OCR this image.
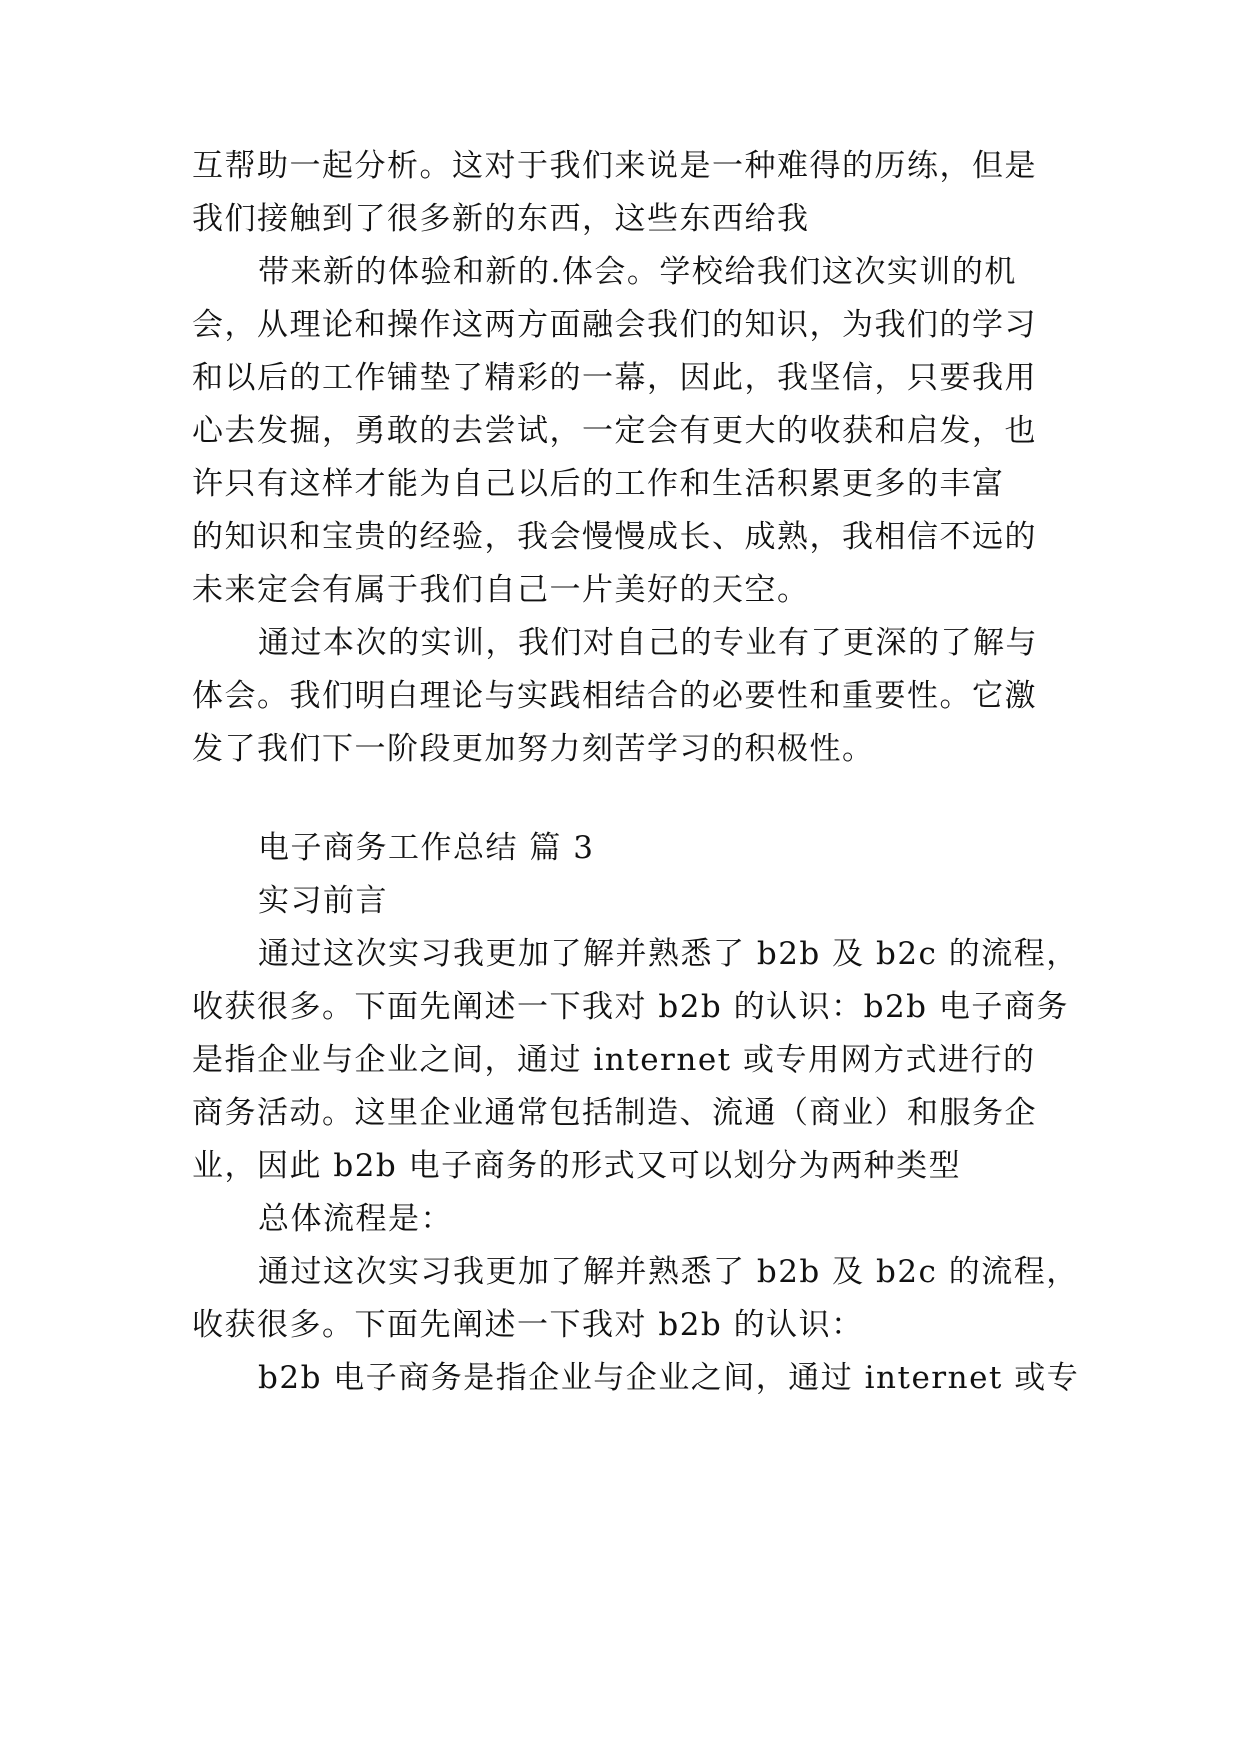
互帮助一起分析。这对于我们来说是一种难得的历练，但是
我们接触到了很多新的东西，这些东西给我
带来新的体验和新的.体会。学校给我们这次实训的机
会，从理论和操作这两方面融会我们的知识，为我们的学习
和以后的工作铺垫了精彩的一幕，因此，我坚信，只要我用
心去发掘，勇敢的去尝试，一定会有更大的收获和启发，也
许只有这样才能为自己以后的工作和生活积累更多的丰富
的知识和宝贵的经验，我会慢慢成长、成熟，我相信不远的
未来定会有属于我们自己一片美好的天空。
通过本次的实训，我们对自己的专业有了更深的了解与
体会。我们明白理论与实践相结合的必要性和重要性。它激
发了我们下一阶段更加努力刻苦学习的积极性。
电子商务工作总结 篇 3
实习前言
通过这次实习我更加了解并熟悉了 b2b 及 b2c 的流程，
收获很多。下面先阐述一下我对 b2b 的认识：b2b 电子商务
是指企业与企业之间，通过 internet 或专用网方式进行的
商务活动。这里企业通常包括制造、流通（商业）和服务企
业，因此 b2b 电子商务的形式又可以划分为两种类型
总体流程是：
通过这次实习我更加了解并熟悉了 b2b 及 b2c 的流程，
收获很多。下面先阐述一下我对 b2b 的认识：
b2b 电子商务是指企业与企业之间，通过 internet 或专
